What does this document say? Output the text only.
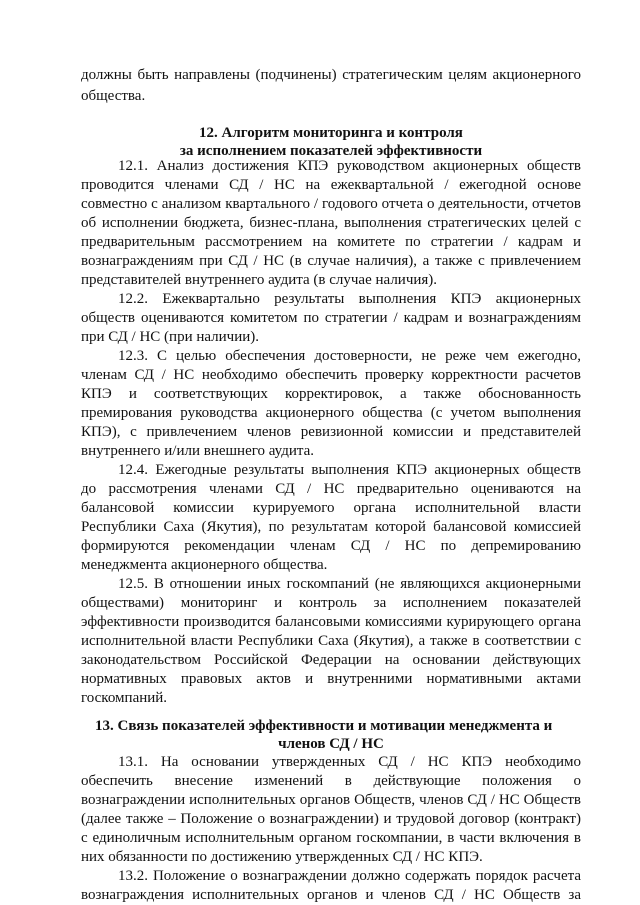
должны быть направлены (подчинены) стратегическим целям акционерного
общества.
12. Алгоритм мониторинга и контроля
за исполнением показателей эффективности
12.1. Анализ достижения КПЭ руководством акционерных обществ
проводится членами СД / НС на ежеквартальной / ежегодной основе
совместно с анализом квартального / годового отчета о деятельности, отчетов
об исполнении бюджета, бизнес-плана, выполнения стратегических целей с
предварительным рассмотрением на комитете по стратегии / кадрам и
вознаграждениям при СД / НС (в случае наличия), а также с привлечением
представителей внутреннего аудита (в случае наличия).
12.2. Ежеквартально результаты выполнения КПЭ акционерных
обществ оцениваются комитетом по стратегии / кадрам и вознаграждениям
при СД / НС (при наличии).
12.3. С целью обеспечения достоверности, не реже чем ежегодно,
членам СД / НС необходимо обеспечить проверку корректности расчетов
КПЭ и соответствующих корректировок, а также обоснованность
премирования руководства акционерного общества (с учетом выполнения
КПЭ), с привлечением членов ревизионной комиссии и представителей
внутреннего и/или внешнего аудита.
12.4. Ежегодные результаты выполнения КПЭ акционерных обществ
до рассмотрения членами СД / НС предварительно оцениваются на
балансовой комиссии курируемого органа исполнительной власти
Республики Саха (Якутия), по результатам которой балансовой комиссией
формируются рекомендации членам СД / НС по депремированию
менеджмента акционерного общества.
12.5. В отношении иных госкомпаний (не являющихся акционерными
обществами) мониторинг и контроль за исполнением показателей
эффективности производится балансовыми комиссиями курирующего органа
исполнительной власти Республики Саха (Якутия), а также в соответствии с
законодательством Российской Федерации на основании действующих
нормативных правовых актов и внутренними нормативными актами
госкомпаний.
13. Связь показателей эффективности и мотивации менеджмента и
членов СД / НС
13.1. На основании утвержденных СД / НС КПЭ необходимо
обеспечить внесение изменений в действующие положения о
вознаграждении исполнительных органов Обществ, членов СД / НС Обществ
(далее также – Положение о вознаграждении) и трудовой договор (контракт)
с единоличным исполнительным органом госкомпании, в части включения в
них обязанности по достижению утвержденных СД / НС КПЭ.
13.2. Положение о вознаграждении должно содержать порядок расчета
вознаграждения исполнительных органов и членов СД / НС Обществ за
